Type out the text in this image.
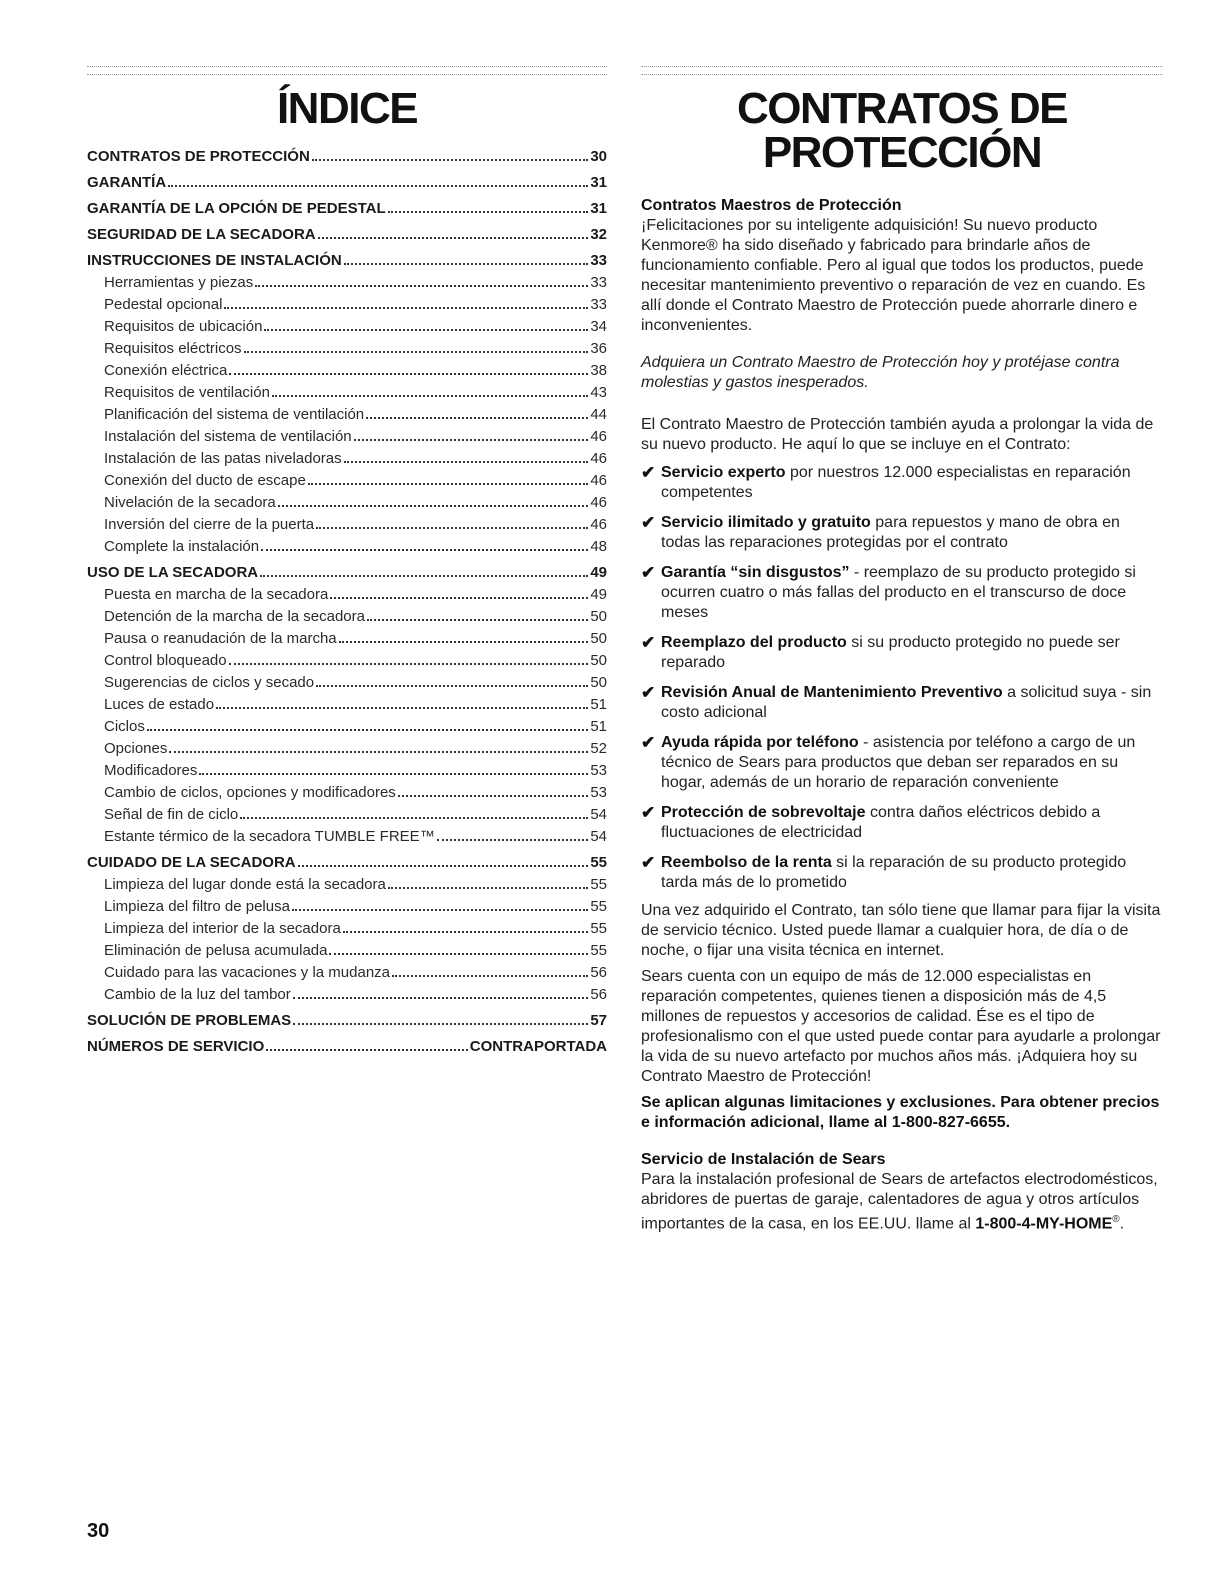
ÍNDICE
CONTRATOS DE PROTECCIÓN	30
GARANTÍA	31
GARANTÍA DE LA OPCIÓN DE PEDESTAL	31
SEGURIDAD DE LA SECADORA	32
INSTRUCCIONES DE INSTALACIÓN	33
Herramientas y piezas	33
Pedestal opcional	33
Requisitos de ubicación	34
Requisitos eléctricos	36
Conexión eléctrica	38
Requisitos de ventilación	43
Planificación del sistema de ventilación	44
Instalación del sistema de ventilación	46
Instalación de las patas niveladoras	46
Conexión del ducto de escape	46
Nivelación de la secadora	46
Inversión del cierre de la puerta	46
Complete la instalación	48
USO DE LA SECADORA	49
Puesta en marcha de la secadora	49
Detención de la marcha de la secadora	50
Pausa o reanudación de la marcha	50
Control bloqueado	50
Sugerencias de ciclos y secado	50
Luces de estado	51
Ciclos	51
Opciones	52
Modificadores	53
Cambio de ciclos, opciones y modificadores	53
Señal de fin de ciclo	54
Estante térmico de la secadora TUMBLE FREE™	54
CUIDADO DE LA SECADORA	55
Limpieza del lugar donde está la secadora	55
Limpieza del filtro de pelusa	55
Limpieza del interior de la secadora	55
Eliminación de pelusa acumulada	55
Cuidado para las vacaciones y la mudanza	56
Cambio de la luz del tambor	56
SOLUCIÓN DE PROBLEMAS	57
NÚMEROS DE SERVICIO	CONTRAPORTADA
CONTRATOS DE
PROTECCIÓN
Contratos Maestros de Protección

¡Felicitaciones por su inteligente adquisición! Su nuevo producto Kenmore® ha sido diseñado y fabricado para brindarle años de funcionamiento confiable. Pero al igual que todos los productos, puede necesitar mantenimiento preventivo o reparación de vez en cuando. Es allí donde el Contrato Maestro de Protección puede ahorrarle dinero e inconvenientes.

Adquiera un Contrato Maestro de Protección hoy y protéjase contra molestias y gastos inesperados.

El Contrato Maestro de Protección también ayuda a prolongar la vida de su nuevo producto. He aquí lo que se incluye en el Contrato:

✔ Servicio experto por nuestros 12.000 especialistas en reparación competentes
✔ Servicio ilimitado y gratuito para repuestos y mano de obra en todas las reparaciones protegidas por el contrato
✔ Garantía “sin disgustos” - reemplazo de su producto protegido si ocurren cuatro o más fallas del producto en el transcurso de doce meses
✔ Reemplazo del producto si su producto protegido no puede ser reparado
✔ Revisión Anual de Mantenimiento Preventivo a solicitud suya - sin costo adicional
✔ Ayuda rápida por teléfono - asistencia por teléfono a cargo de un técnico de Sears para productos que deban ser reparados en su hogar, además de un horario de reparación conveniente
✔ Protección de sobrevoltaje contra daños eléctricos debido a fluctuaciones de electricidad
✔ Reembolso de la renta si la reparación de su producto protegido tarda más de lo prometido

Una vez adquirido el Contrato, tan sólo tiene que llamar para fijar la visita de servicio técnico. Usted puede llamar a cualquier hora, de día o de noche, o fijar una visita técnica en internet.

Sears cuenta con un equipo de más de 12.000 especialistas en reparación competentes, quienes tienen a disposición más de 4,5 millones de repuestos y accesorios de calidad. Ése es el tipo de profesionalismo con el que usted puede contar para ayudarle a prolongar la vida de su nuevo artefacto por muchos años más. ¡Adquiera hoy su Contrato Maestro de Protección!

Se aplican algunas limitaciones y exclusiones. Para obtener precios e información adicional, llame al 1-800-827-6655.

Servicio de Instalación de Sears

Para la instalación profesional de Sears de artefactos electrodomésticos, abridores de puertas de garaje, calentadores de agua y otros artículos importantes de la casa, en los EE.UU. llame al 1-800-4-MY-HOME®.

30
